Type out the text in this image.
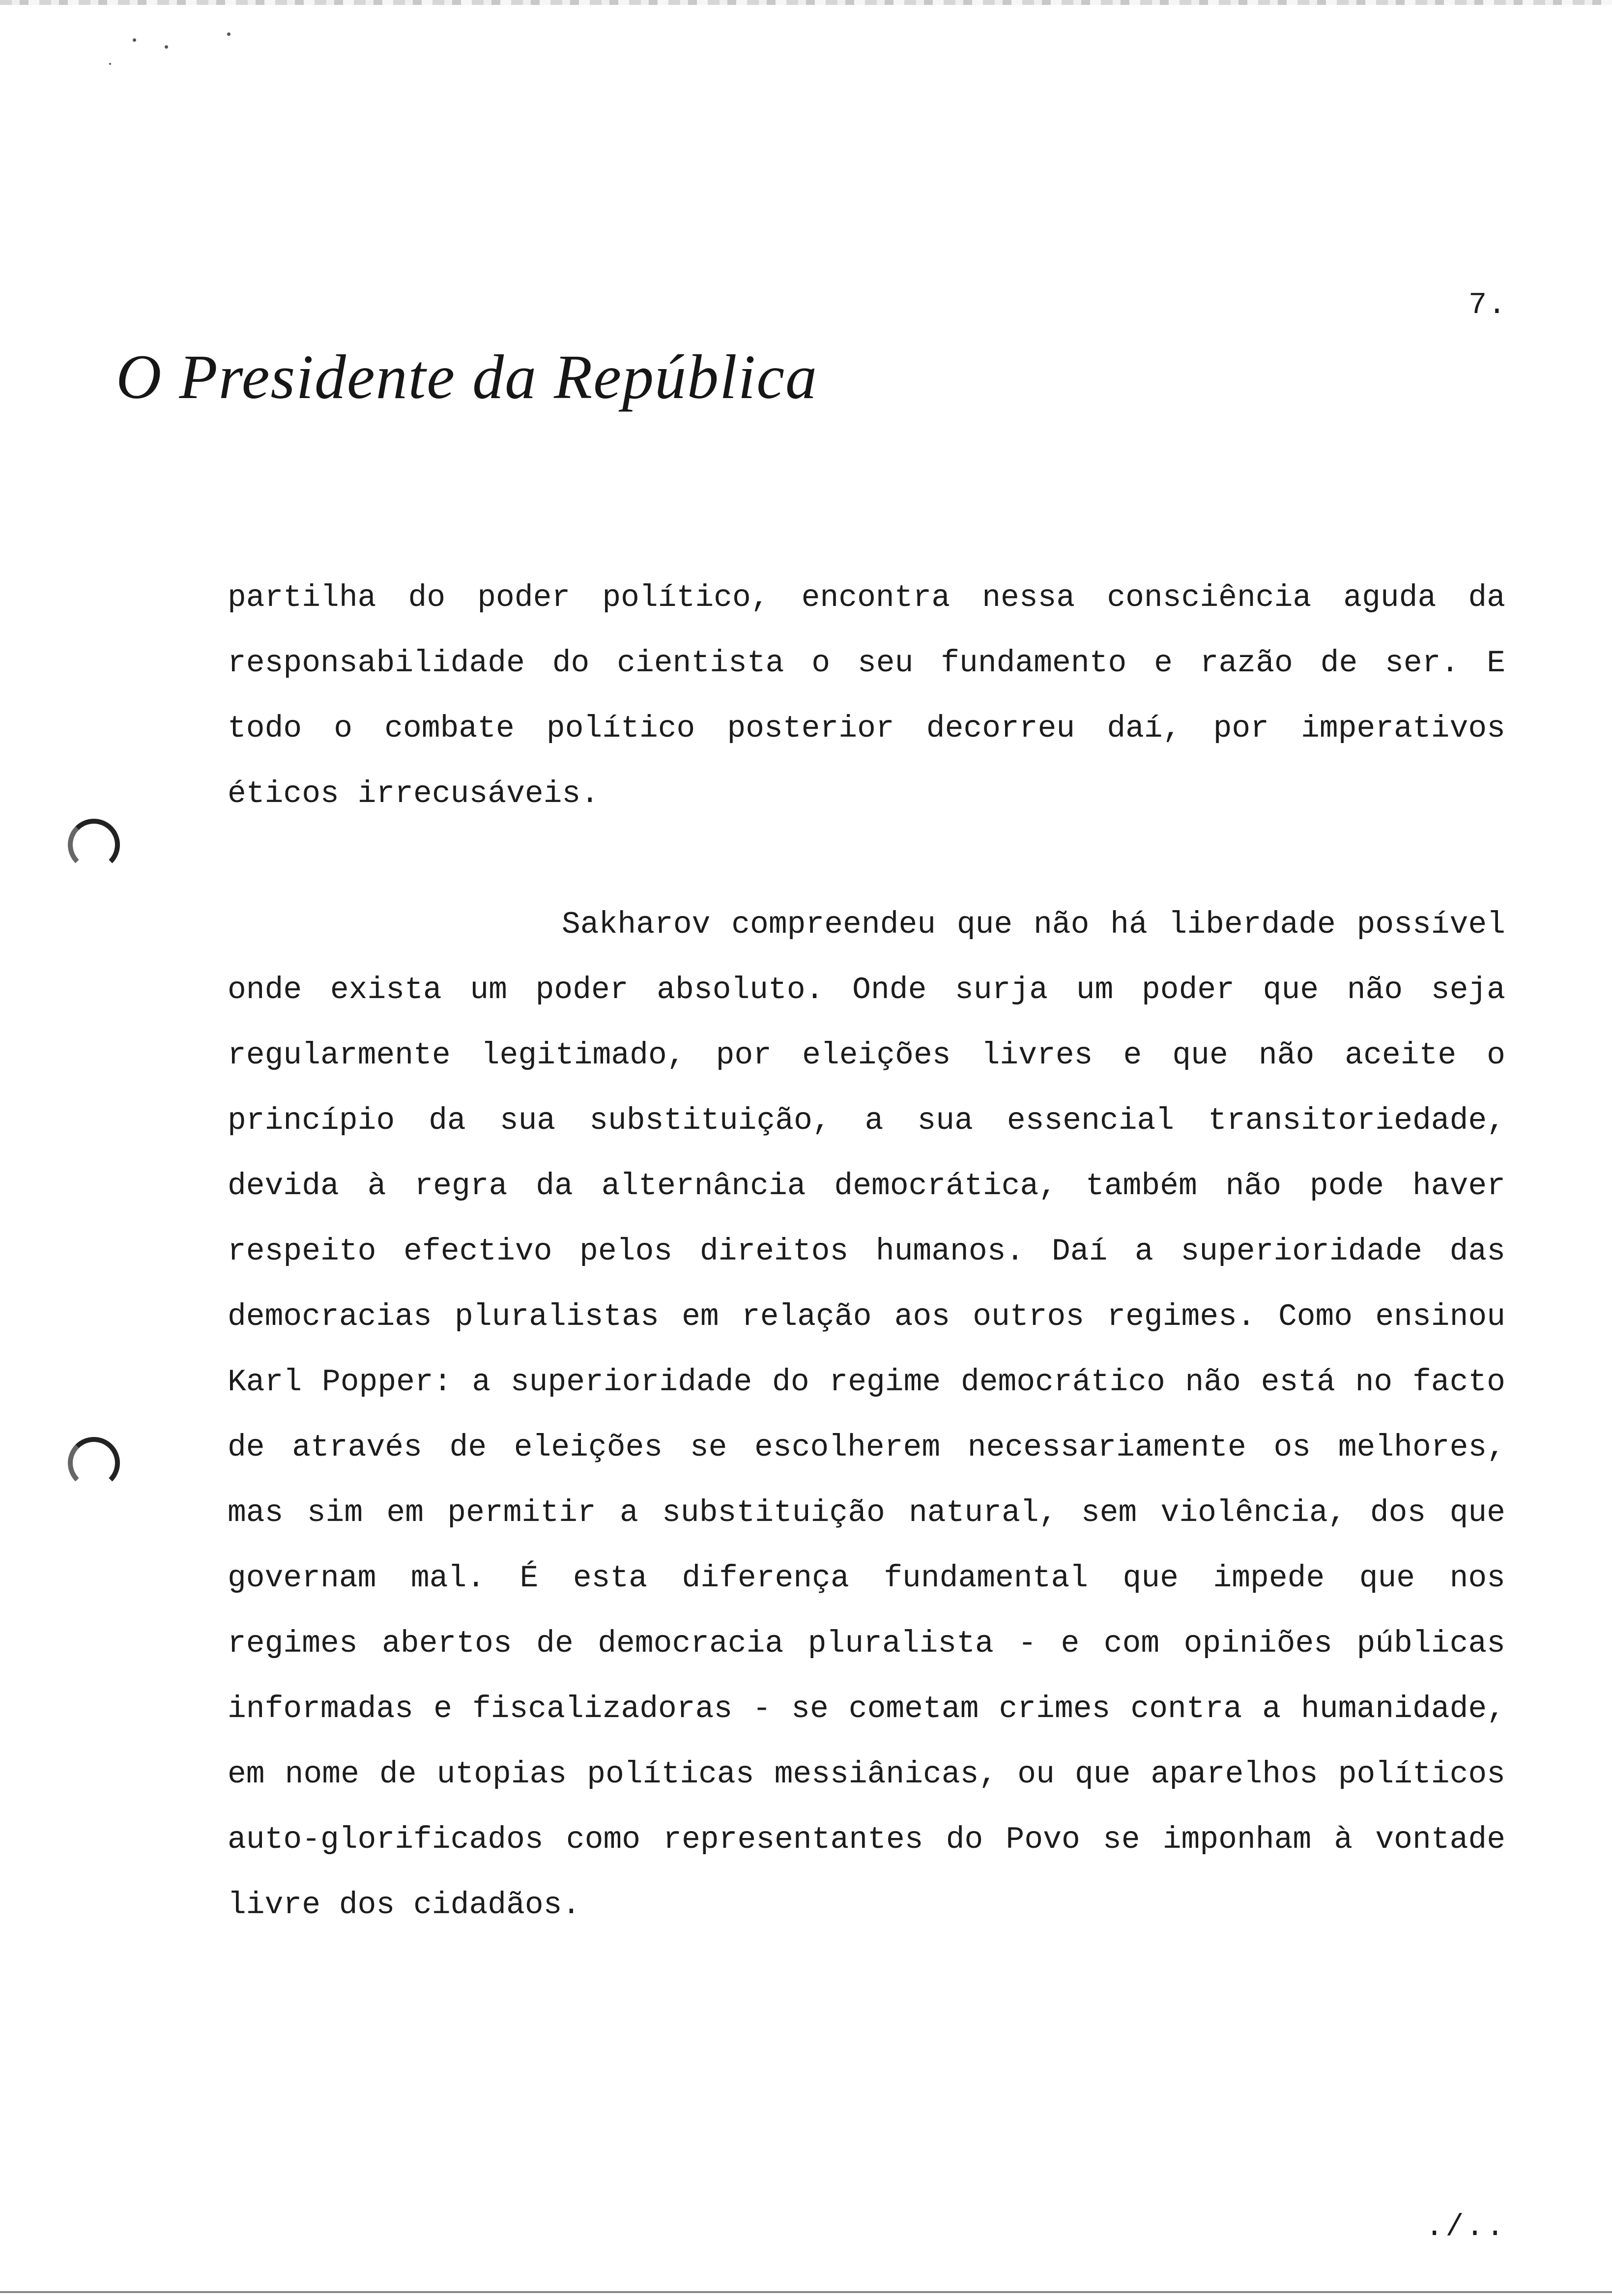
7.
O Presidente da República

partilha do poder político, encontra nessa consciência aguda da responsabilidade do cientista o seu fundamento e razão de ser. E todo o combate político posterior decorreu daí, por imperativos éticos irrecusáveis.

Sakharov compreendeu que não há liberdade possível onde exista um poder absoluto. Onde surja um poder que não seja regularmente legitimado, por eleições livres e que não aceite o princípio da sua substituição, a sua essencial transitoriedade, devida à regra da alternância democrática, também não pode haver respeito efectivo pelos direitos humanos. Daí a superioridade das democracias pluralistas em relação aos outros regimes. Como ensinou Karl Popper: a superioridade do regime democrático não está no facto de através de eleições se escolherem necessariamente os melhores, mas sim em permitir a substituição natural, sem violência, dos que governam mal. É esta diferença fundamental que impede que nos regimes abertos de democracia pluralista - e com opiniões públicas informadas e fiscalizadoras - se cometam crimes contra a humanidade, em nome de utopias políticas messiânicas, ou que aparelhos políticos auto-glorificados como representantes do Povo se imponham à vontade livre dos cidadãos.

./..
